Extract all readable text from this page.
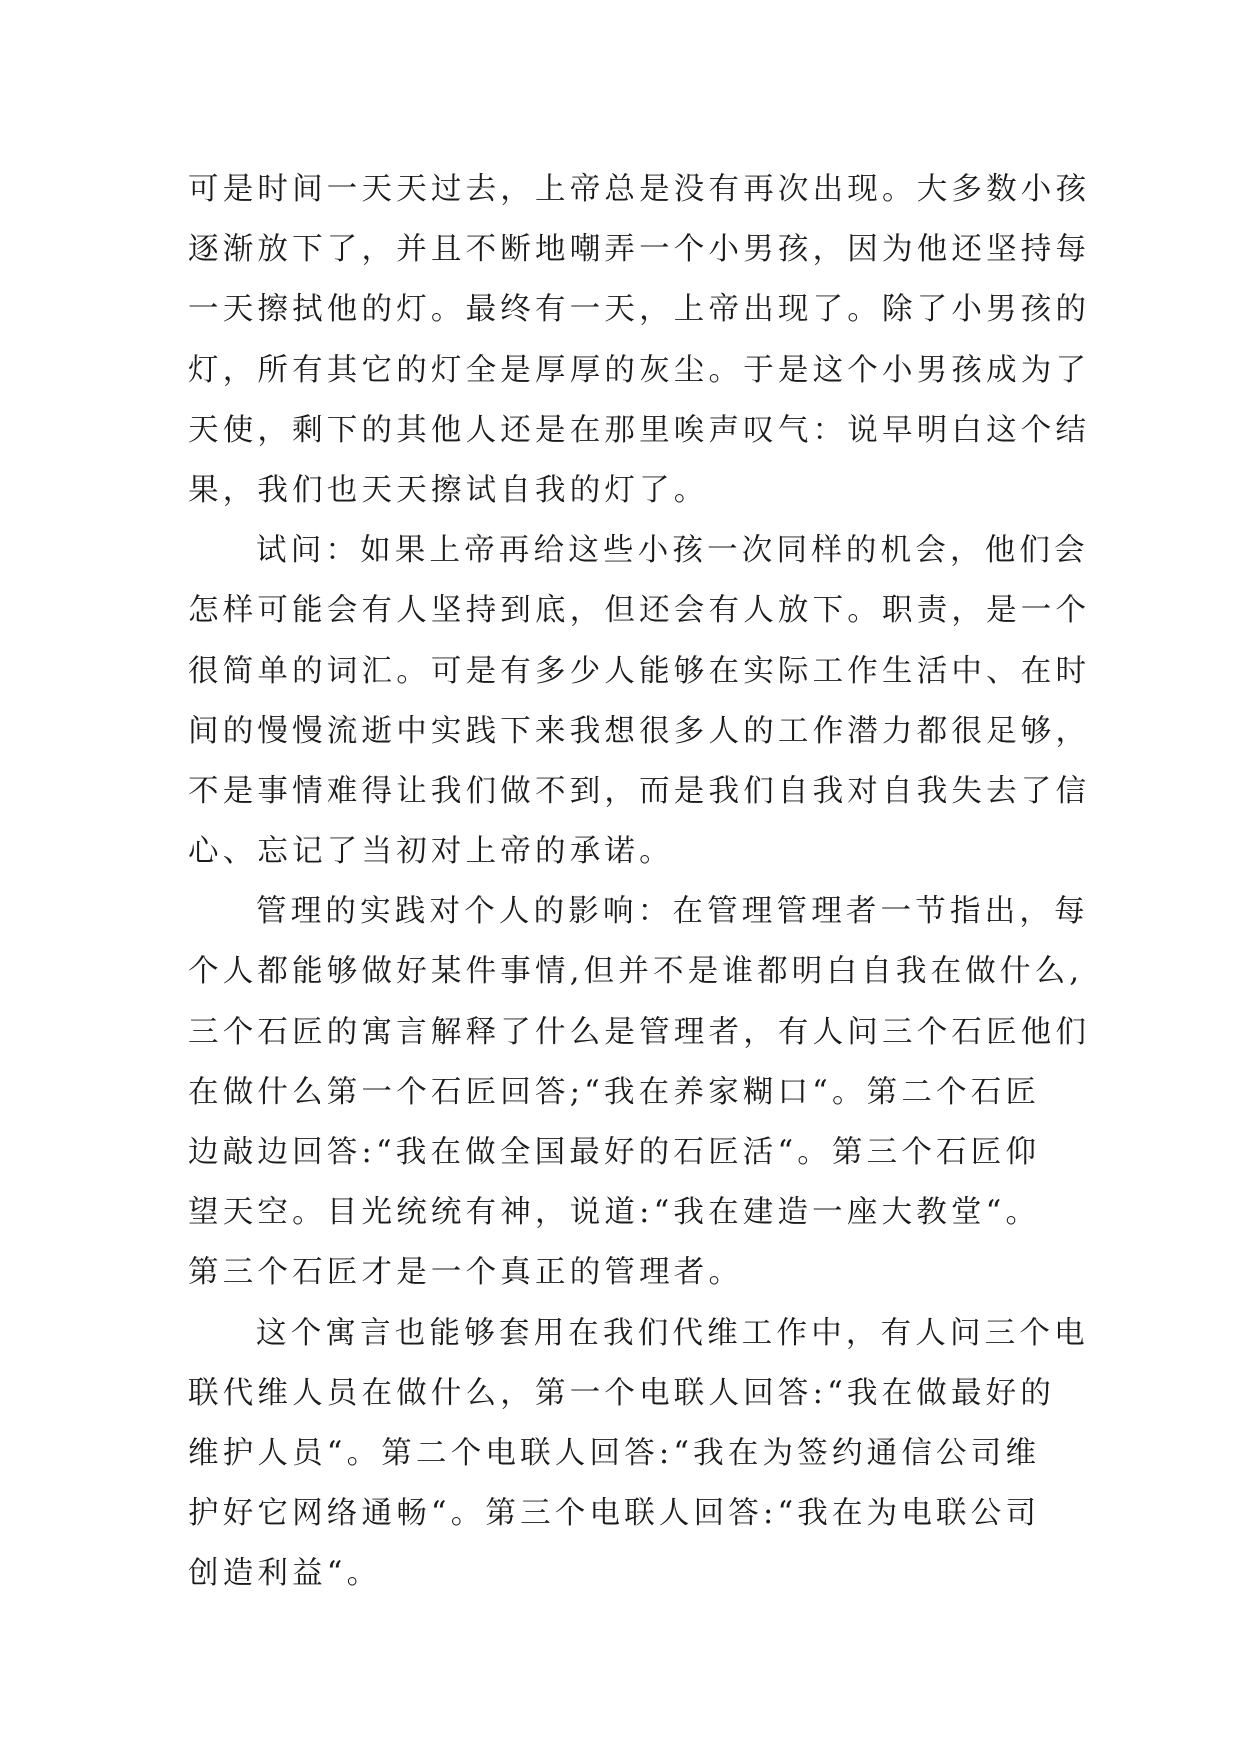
可是时间一天天过去，上帝总是没有再次出现。大多数小孩
逐渐放下了，并且不断地嘲弄一个小男孩，因为他还坚持每
一天擦拭他的灯。最终有一天，上帝出现了。除了小男孩的
灯，所有其它的灯全是厚厚的灰尘。于是这个小男孩成为了
天使，剩下的其他人还是在那里唉声叹气：说早明白这个结
果，我们也天天擦试自我的灯了。

试问：如果上帝再给这些小孩一次同样的机会，他们会
怎样可能会有人坚持到底，但还会有人放下。职责，是一个
很简单的词汇。可是有多少人能够在实际工作生活中、在时
间的慢慢流逝中实践下来我想很多人的工作潜力都很足够，
不是事情难得让我们做不到，而是我们自我对自我失去了信
心、忘记了当初对上帝的承诺。

管理的实践对个人的影响：在管理管理者一节指出，每
个人都能够做好某件事情,但并不是谁都明白自我在做什么,
三个石匠的寓言解释了什么是管理者，有人问三个石匠他们
在做什么第一个石匠回答;“我在养家糊口“。第二个石匠
边敲边回答:“我在做全国最好的石匠活“。第三个石匠仰
望天空。目光统统有神，说道:“我在建造一座大教堂“。
第三个石匠才是一个真正的管理者。

这个寓言也能够套用在我们代维工作中，有人问三个电
联代维人员在做什么，第一个电联人回答:“我在做最好的
维护人员“。第二个电联人回答:“我在为签约通信公司维
护好它网络通畅“。第三个电联人回答:“我在为电联公司
创造利益“。
